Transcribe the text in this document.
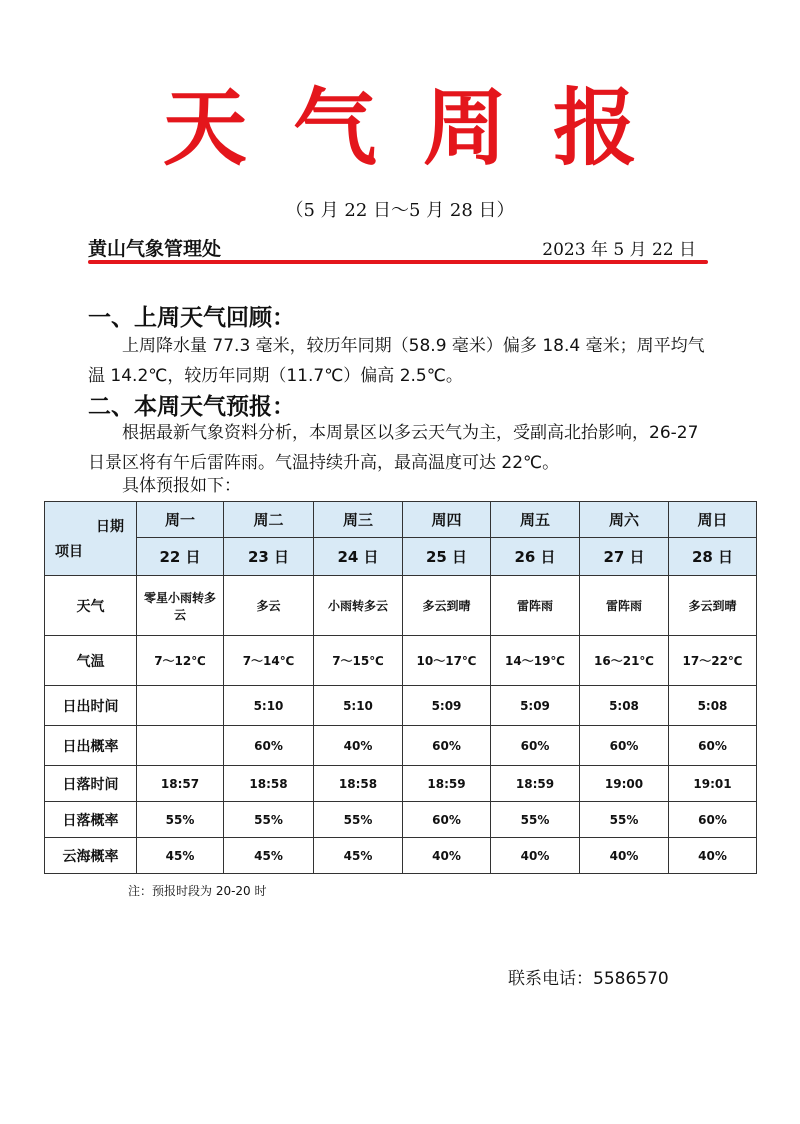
天气周报
（5 月 22 日～5 月 28 日）
黄山气象管理处	2023 年 5 月 22 日
一、上周天气回顾：
上周降水量 77.3 毫米，较历年同期（58.9 毫米）偏多 18.4 毫米；周平均气温 14.2℃，较历年同期（11.7℃）偏高 2.5℃。
二、本周天气预报：
根据最新气象资料分析，本周景区以多云天气为主，受副高北抬影响，26-27 日景区将有午后雷阵雨。气温持续升高，最高温度可达 22℃。
具体预报如下：
日期
项目	周一	周二	周三	周四	周五	周六	周日
	22 日	23 日	24 日	25 日	26 日	27 日	28 日
天气	零星小雨转多云	多云	小雨转多云	多云到晴	雷阵雨	雷阵雨	多云到晴
气温	7～12℃	7～14℃	7～15℃	10～17℃	14～19℃	16～21℃	17～22℃
日出时间		5:10	5:10	5:09	5:09	5:08	5:08
日出概率		60%	40%	60%	60%	60%	60%
日落时间	18:57	18:58	18:58	18:59	18:59	19:00	19:01
日落概率	55%	55%	55%	60%	55%	55%	60%
云海概率	45%	45%	45%	40%	40%	40%	40%
注：预报时段为 20-20 时
联系电话：5586570
